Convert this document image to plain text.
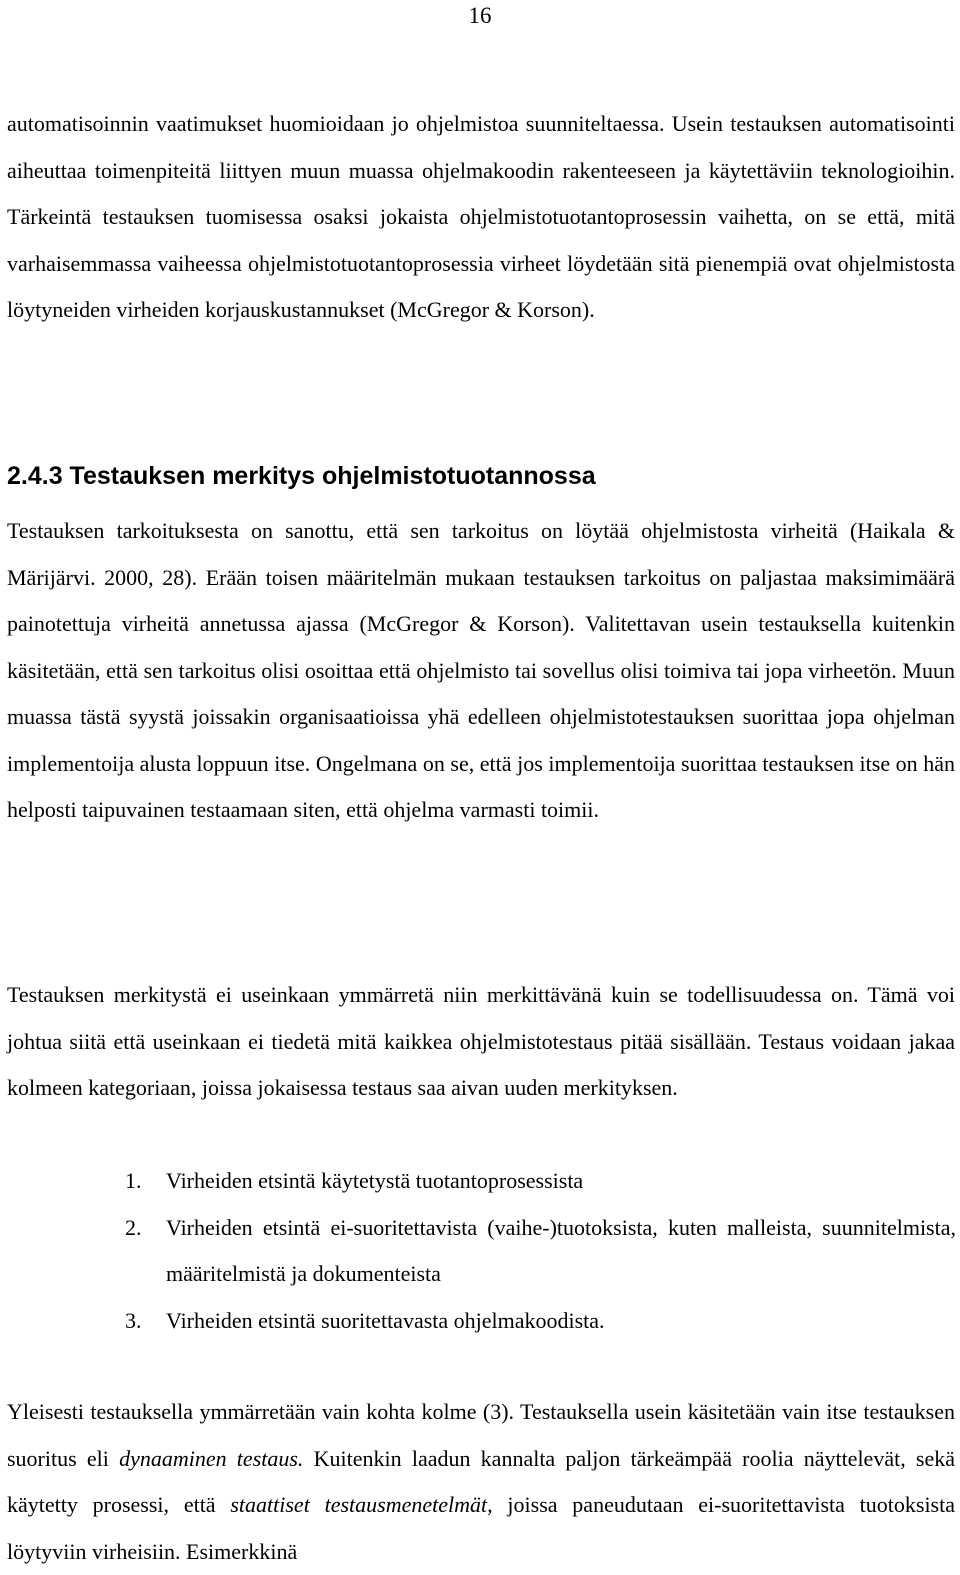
16

automatisoinnin vaatimukset huomioidaan jo ohjelmistoa suunniteltaessa. Usein testauksen automatisointi aiheuttaa toimenpiteitä liittyen muun muassa ohjelmakoodin rakenteeseen ja käytettäviin teknologioihin. Tärkeintä testauksen tuomisessa osaksi jokaista ohjelmistotuotantoprosessin vaihetta, on se että, mitä varhaisemmassa vaiheessa ohjelmistotuotantoprosessia virheet löydetään sitä pienempiä ovat ohjelmistosta löytyneiden virheiden korjauskustannukset (McGregor & Korson).

2.4.3 Testauksen merkitys ohjelmistotuotannossa

Testauksen tarkoituksesta on sanottu, että sen tarkoitus on löytää ohjelmistosta virheitä (Haikala & Märijärvi. 2000, 28). Erään toisen määritelmän mukaan testauksen tarkoitus on paljastaa maksimimäärä painotettuja virheitä annetussa ajassa (McGregor & Korson). Valitettavan usein testauksella kuitenkin käsitetään, että sen tarkoitus olisi osoittaa että ohjelmisto tai sovellus olisi toimiva tai jopa virheetön. Muun muassa tästä syystä joissakin organisaatioissa yhä edelleen ohjelmistotestauksen suorittaa jopa ohjelman implementoija alusta loppuun itse. Ongelmana on se, että jos implementoija suorittaa testauksen itse on hän helposti taipuvainen testaamaan siten, että ohjelma varmasti toimii.

Testauksen merkitystä ei useinkaan ymmärretä niin merkittävänä kuin se todellisuudessa on. Tämä voi johtua siitä että useinkaan ei tiedetä mitä kaikkea ohjelmistotestaus pitää sisällään. Testaus voidaan jakaa kolmeen kategoriaan, joissa jokaisessa testaus saa aivan uuden merkityksen.

1. Virheiden etsintä käytetystä tuotantoprosessista
2. Virheiden etsintä ei-suoritettavista (vaihe-)tuotoksista, kuten malleista, suunnitelmista, määritelmistä ja dokumenteista
3. Virheiden etsintä suoritettavasta ohjelmakoodista.

Yleisesti testauksella ymmärretään vain kohta kolme (3). Testauksella usein käsitetään vain itse testauksen suoritus eli dynaaminen testaus. Kuitenkin laadun kannalta paljon tärkeämpää roolia näyttelevät, sekä käytetty prosessi, että staattiset testausmenetelmät, joissa paneudutaan ei-suoritettavista tuotoksista löytyviin virheisiin. Esimerkkinä
